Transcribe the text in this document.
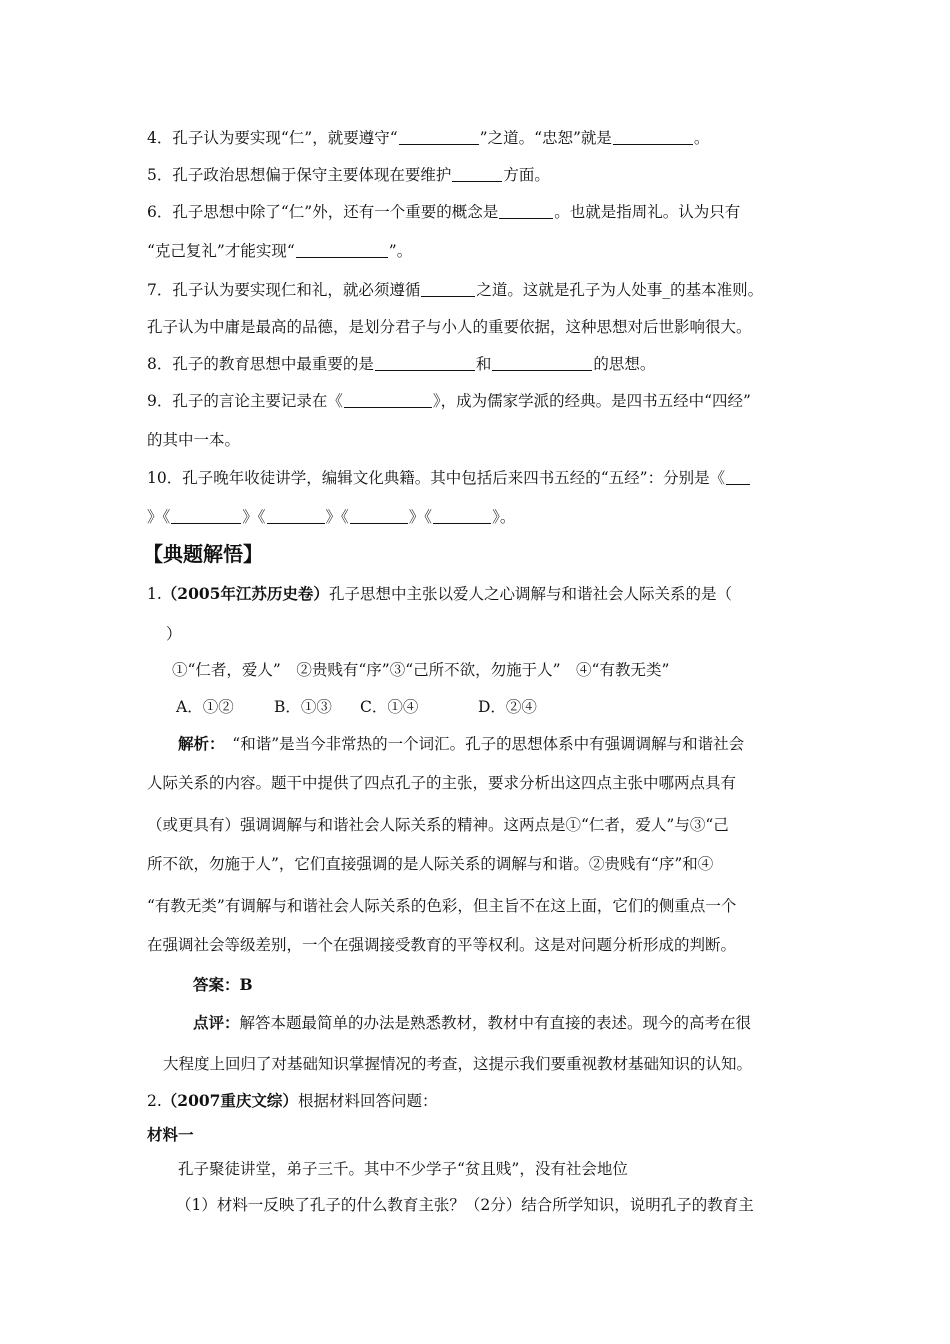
4．孔子认为要实现“仁”，就要遵守“	”之道。“忠恕”就是	。
5．孔子政治思想偏于保守主要体现在要维护	方面。
6．孔子思想中除了“仁”外，还有一个重要的概念是	。也就是指周礼。认为只有
“克己复礼”才能实现“	”。
7．孔子认为要实现仁和礼，就必须遵循	之道。这就是孔子为人处事_的基本准则。
孔子认为中庸是最高的品德，是划分君子与小人的重要依据，这种思想对后世影响很大。
8．孔子的教育思想中最重要的是	和	的思想。
9．孔子的言论主要记录在《	》，成为儒家学派的经典。是四书五经中“四经”
的其中一本。
10．孔子晚年收徒讲学，编辑文化典籍。其中包括后来四书五经的“五经”：分别是《
》《	》《	》《	》《	》。
【典题解悟】
1.（2005年江苏历史卷）孔子思想中主张以爱人之心调解与和谐社会人际关系的是（
）
①“仁者，爱人”　②贵贱有“序”③“己所不欲，勿施于人”　④“有教无类”
A．①②	B．①③ C．①④	D．②④
解析：　 “和谐”是当今非常热的一个词汇。孔子的思想体系中有强调调解与和谐社会
人际关系的内容。题干中提供了四点孔子的主张，要求分析出这四点主张中哪两点具有
（或更具有）强调调解与和谐社会人际关系的精神。这两点是①“仁者，爱人”与③“己
所不欲，勿施于人”，它们直接强调的是人际关系的调解与和谐。②贵贱有“序”和④
“有教无类”有调解与和谐社会人际关系的色彩，但主旨不在这上面，它们的侧重点一个
在强调社会等级差别，一个在强调接受教育的平等权利。这是对问题分析形成的判断。
答案：B
点评：解答本题最简单的办法是熟悉教材，教材中有直接的表述。现今的高考在很
大程度上回归了对基础知识掌握情况的考查，这提示我们要重视教材基础知识的认知。
2.（2007重庆文综）根据材料回答问题：
材料一
孔子聚徒讲堂，弟子三千。其中不少学子“贫且贱”，没有社会地位
（1）材料一反映了孔子的什么教育主张？（2分）结合所学知识，说明孔子的教育主
